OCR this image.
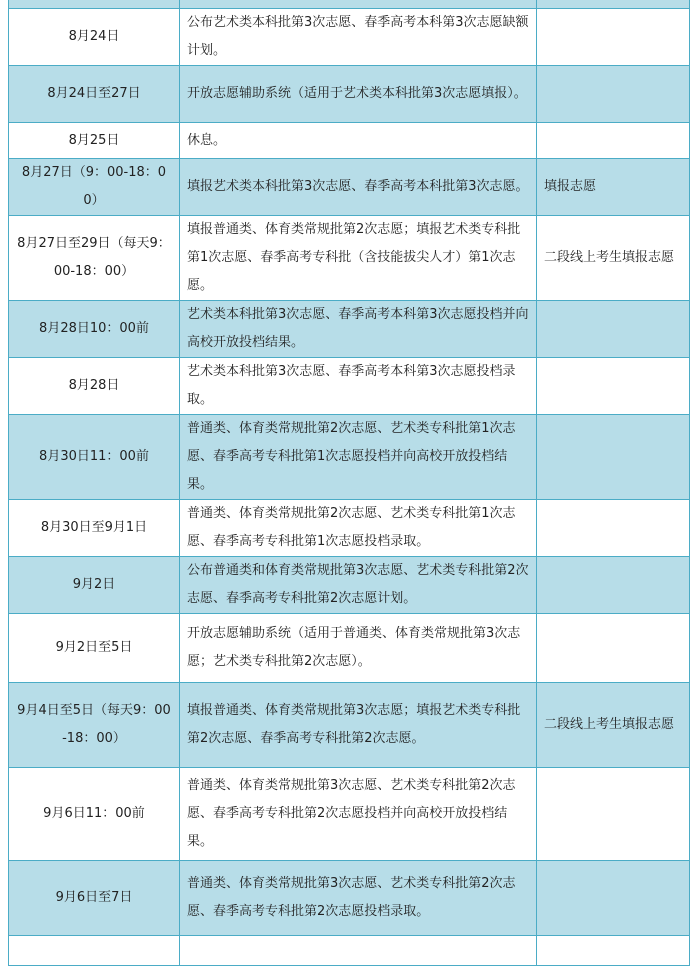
8月24日	公布艺术类本科批第3次志愿、春季高考本科第3次志愿缺额计划。	
8月24日至27日	开放志愿辅助系统（适用于艺术类本科批第3次志愿填报）。	
8月25日	休息。	
8月27日（9：00-18：00）	填报艺术类本科批第3次志愿、春季高考本科批第3次志愿。	填报志愿
8月27日至29日（每天9：00-18：00）	填报普通类、体育类常规批第2次志愿；填报艺术类专科批第1次志愿、春季高考专科批（含技能拔尖人才）第1次志愿。	二段线上考生填报志愿
8月28日10：00前	艺术类本科批第3次志愿、春季高考本科第3次志愿投档并向高校开放投档结果。	
8月28日	艺术类本科批第3次志愿、春季高考本科第3次志愿投档录取。	
8月30日11：00前	普通类、体育类常规批第2次志愿、艺术类专科批第1次志愿、春季高考专科批第1次志愿投档并向高校开放投档结果。	
8月30日至9月1日	普通类、体育类常规批第2次志愿、艺术类专科批第1次志愿、春季高考专科批第1次志愿投档录取。	
9月2日	公布普通类和体育类常规批第3次志愿、艺术类专科批第2次志愿、春季高考专科批第2次志愿计划。	
9月2日至5日	开放志愿辅助系统（适用于普通类、体育类常规批第3次志愿；艺术类专科批第2次志愿）。	
9月4日至5日（每天9：00-18：00）	填报普通类、体育类常规批第3次志愿；填报艺术类专科批第2次志愿、春季高考专科批第2次志愿。	二段线上考生填报志愿
9月6日11：00前	普通类、体育类常规批第3次志愿、艺术类专科批第2次志愿、春季高考专科批第2次志愿投档并向高校开放投档结果。	
9月6日至7日	普通类、体育类常规批第3次志愿、艺术类专科批第2次志愿、春季高考专科批第2次志愿投档录取。	
